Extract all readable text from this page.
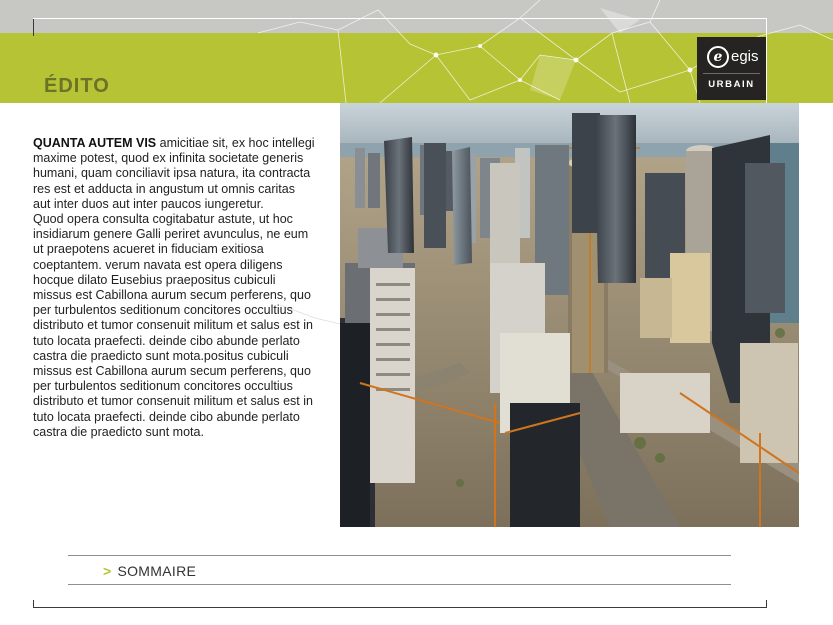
ÉDITO
e egis
URBAIN

QUANTA AUTEM VIS amicitiae sit, ex hoc intellegi maxime potest, quod ex infinita societate generis humani, quam conciliavit ipsa natura, ita contracta res est et adducta in angustum ut omnis caritas aut inter duos aut inter paucos iungeretur.
Quod opera consulta cogitabatur astute, ut hoc insidiarum genere Galli periret avunculus, ne eum ut praepotens acueret in fiduciam exitiosa coeptantem. verum navata est opera diligens hocque dilato Eusebius praepositus cubiculi missus est Cabillona aurum secum perferens, quo per turbulentos seditionum concitores occultius distributo et tumor consenuit militum et salus est in tuto locata praefecti. deinde cibo abunde perlato castra die praedicto sunt mota.positus cubiculi missus est Cabillona aurum secum perferens, quo per turbulentos seditionum concitores occultius distributo et tumor consenuit militum et salus est in tuto locata praefecti. deinde cibo abunde perlato castra die praedicto sunt mota.

> SOMMAIRE
